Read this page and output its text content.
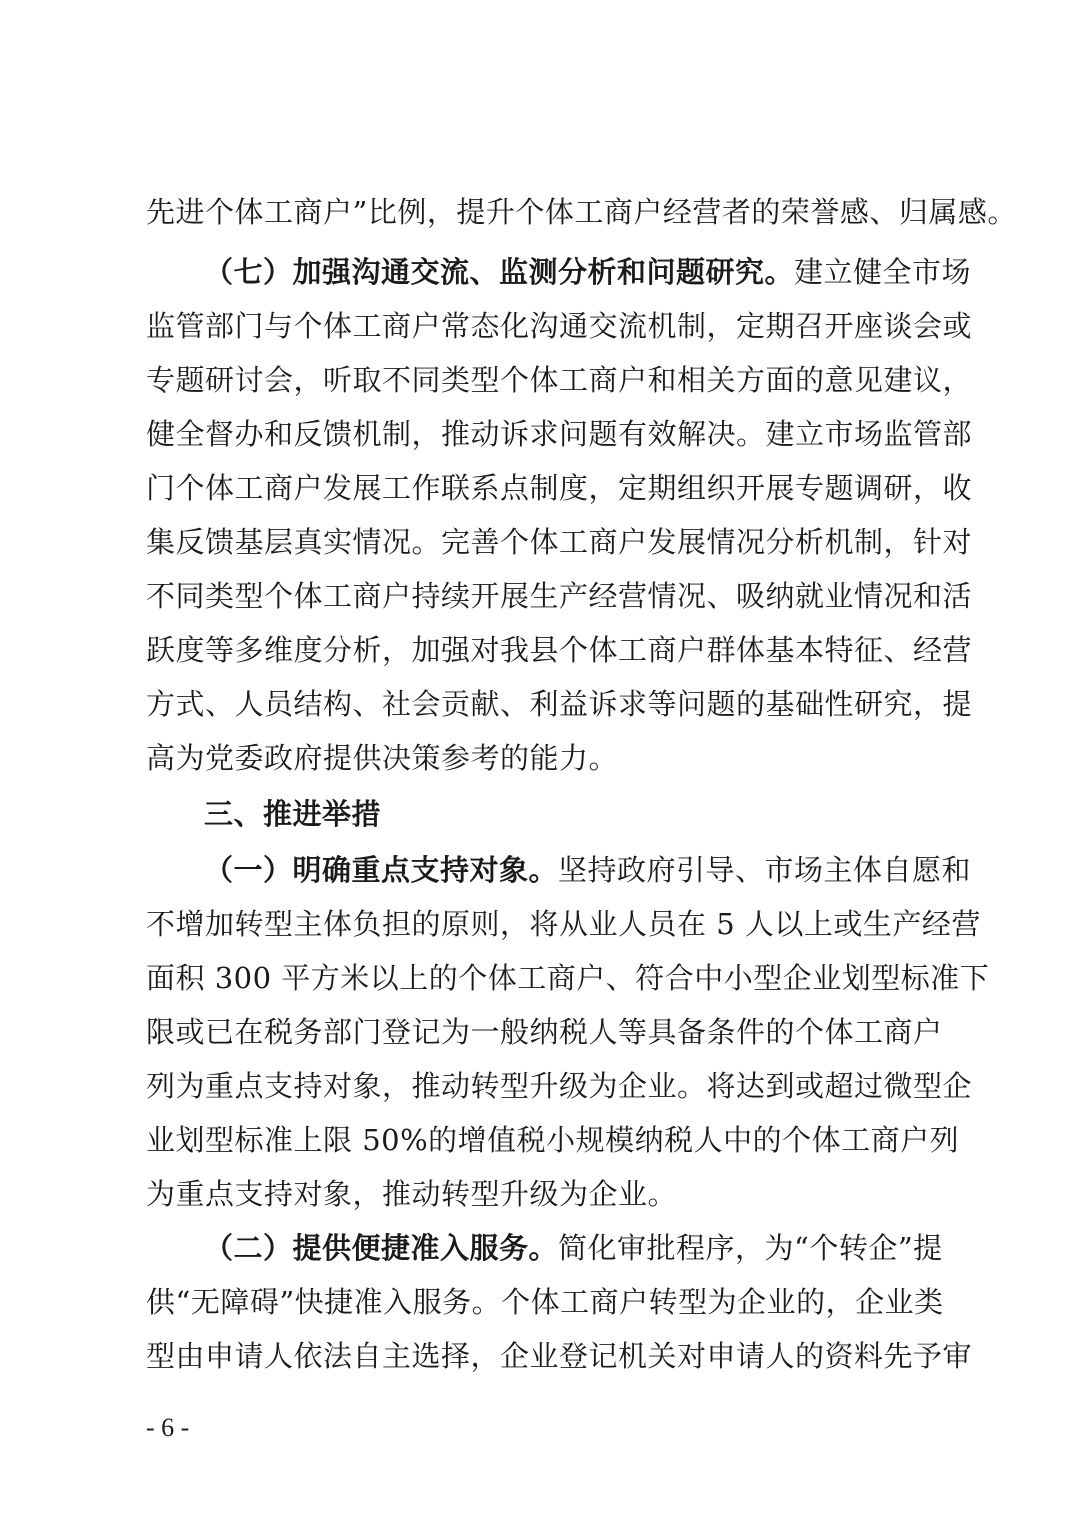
先进个体工商户”比例，提升个体工商户经营者的荣誉感、归属感。
（七）加强沟通交流、监测分析和问题研究。建立健全市场
监管部门与个体工商户常态化沟通交流机制，定期召开座谈会或
专题研讨会，听取不同类型个体工商户和相关方面的意见建议，
健全督办和反馈机制，推动诉求问题有效解决。建立市场监管部
门个体工商户发展工作联系点制度，定期组织开展专题调研，收
集反馈基层真实情况。完善个体工商户发展情况分析机制，针对
不同类型个体工商户持续开展生产经营情况、吸纳就业情况和活
跃度等多维度分析，加强对我县个体工商户群体基本特征、经营
方式、人员结构、社会贡献、利益诉求等问题的基础性研究，提
高为党委政府提供决策参考的能力。
三、推进举措
（一）明确重点支持对象。坚持政府引导、市场主体自愿和
不增加转型主体负担的原则，将从业人员在 5 人以上或生产经营
面积 300 平方米以上的个体工商户、符合中小型企业划型标准下
限或已在税务部门登记为一般纳税人等具备条件的个体工商户
列为重点支持对象，推动转型升级为企业。将达到或超过微型企
业划型标准上限 50%的增值税小规模纳税人中的个体工商户列
为重点支持对象，推动转型升级为企业。
（二）提供便捷准入服务。简化审批程序，为“个转企”提
供“无障碍”快捷准入服务。个体工商户转型为企业的，企业类
型由申请人依法自主选择，企业登记机关对申请人的资料先予审
- 6 -
